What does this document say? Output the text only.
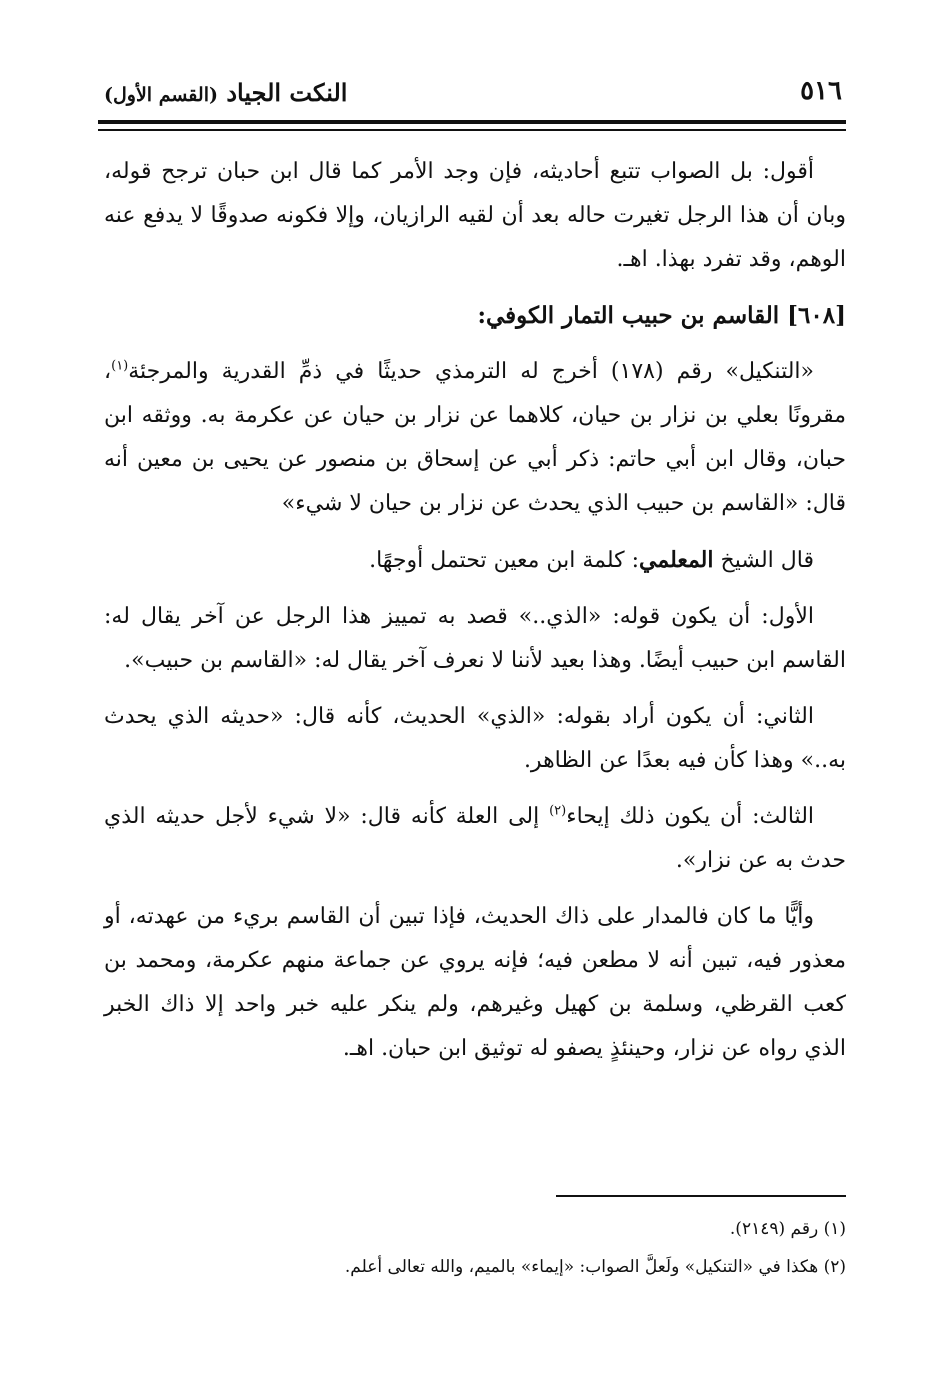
٥١٦
النكت الجياد (القسم الأول)

أقول: بل الصواب تتبع أحاديثه، فإن وجد الأمر كما قال ابن حبان ترجح قوله، وبان أن هذا الرجل تغيرت حاله بعد أن لقيه الرازيان، وإلا فكونه صدوقًا لا يدفع عنه الوهم، وقد تفرد بهذا. اهـ.

[٦٠٨] القاسم بن حبيب التمار الكوفي:

«التنكيل» رقم (١٧٨) أخرج له الترمذي حديثًا في ذمِّ القدرية والمرجئة$^{(١)}$، مقرونًا بعلي بن نزار بن حيان، كلاهما عن نزار بن حيان عن عكرمة به. ووثقه ابن حبان، وقال ابن أبي حاتم: ذكر أبي عن إسحاق بن منصور عن يحيى بن معين أنه قال: «القاسم بن حبيب الذي يحدث عن نزار بن حيان لا شيء»

قال الشيخ المعلمي: كلمة ابن معين تحتمل أوجهًا.

الأول: أن يكون قوله: «الذي..» قصد به تمييز هذا الرجل عن آخر يقال له: القاسم ابن حبيب أيضًا. وهذا بعيد لأننا لا نعرف آخر يقال له: «القاسم بن حبيب».

الثاني: أن يكون أراد بقوله: «الذي» الحديث، كأنه قال: «حديثه الذي يحدث به..» وهذا كأن فيه بعدًا عن الظاهر.

الثالث: أن يكون ذلك إيحاء$^{(٢)}$ إلى العلة كأنه قال: «لا شيء لأجل حديثه الذي حدث به عن نزار».

وأيًّا ما كان فالمدار على ذاك الحديث، فإذا تبين أن القاسم بريء من عهدته، أو معذور فيه، تبين أنه لا مطعن فيه؛ فإنه يروي عن جماعة منهم عكرمة، ومحمد بن كعب القرظي، وسلمة بن كهيل وغيرهم، ولم ينكر عليه خبر واحد إلا ذاك الخبر الذي رواه عن نزار، وحينئذٍ يصفو له توثيق ابن حبان. اهـ.

(١) رقم (٢١٤٩).
(٢) هكذا في «التنكيل» ولَعلَّ الصواب: «إيماء» بالميم، والله تعالى أعلم.
